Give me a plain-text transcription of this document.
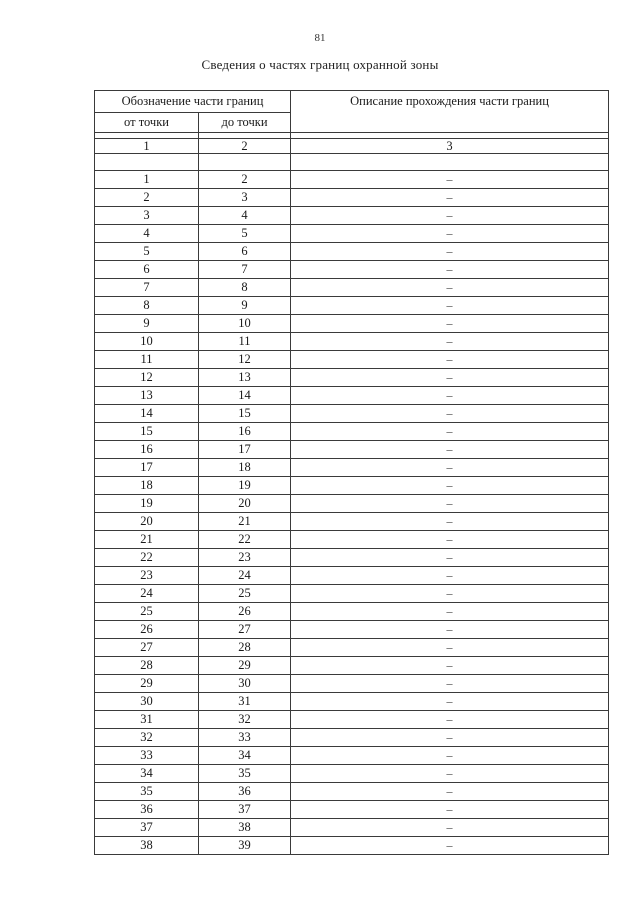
81
Сведения о частях границ охранной зоны
Обозначение части границ		Описание прохождения части границ
от точки	до точки	

1	2	3

1	2	–
2	3	–
3	4	–
4	5	–
5	6	–
6	7	–
7	8	–
8	9	–
9	10	–
10	11	–
11	12	–
12	13	–
13	14	–
14	15	–
15	16	–
16	17	–
17	18	–
18	19	–
19	20	–
20	21	–
21	22	–
22	23	–
23	24	–
24	25	–
25	26	–
26	27	–
27	28	–
28	29	–
29	30	–
30	31	–
31	32	–
32	33	–
33	34	–
34	35	–
35	36	–
36	37	–
37	38	–
38	39	–
